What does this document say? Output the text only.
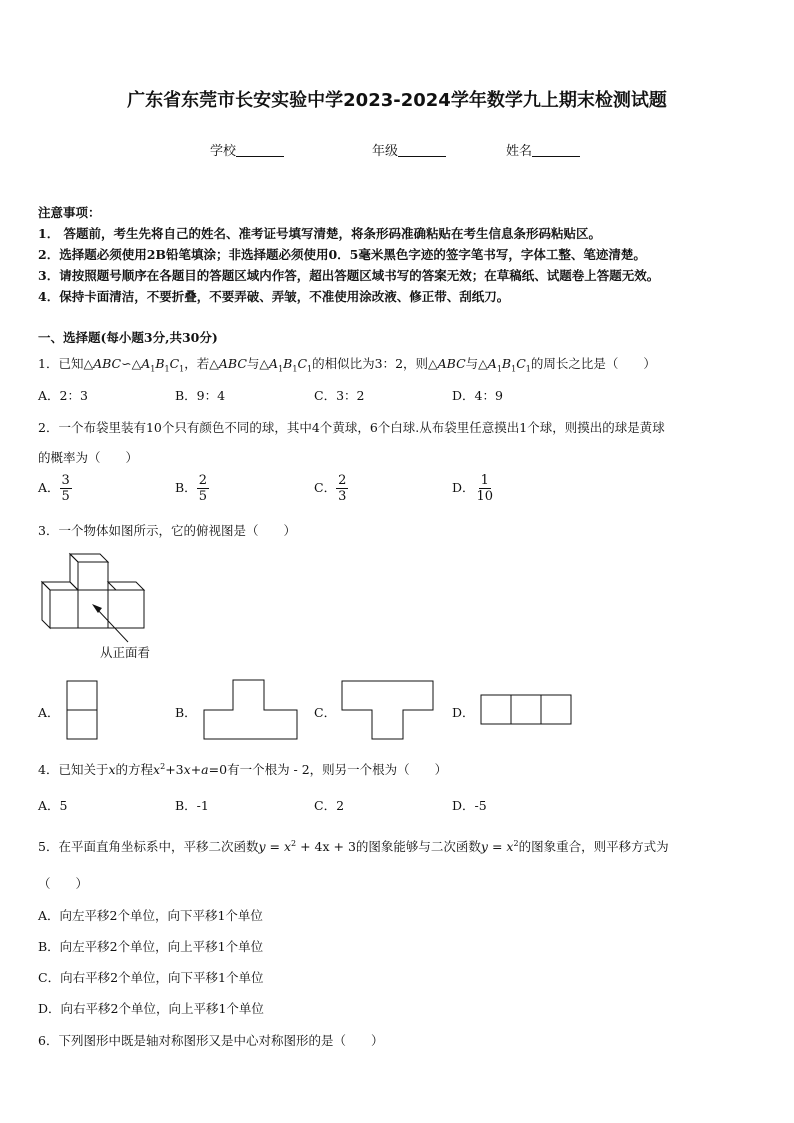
广东省东莞市长安实验中学2023-2024学年数学九上期末检测试题
学校	年级	姓名
注意事项：
1． 答题前，考生先将自己的姓名、准考证号填写清楚，将条形码准确粘贴在考生信息条形码粘贴区。
2．选择题必须使用2B铅笔填涂；非选择题必须使用0．5毫米黑色字迹的签字笔书写，字体工整、笔迹清楚。
3．请按照题号顺序在各题目的答题区域内作答，超出答题区域书写的答案无效；在草稿纸、试题卷上答题无效。
4．保持卡面清洁，不要折叠，不要弄破、弄皱，不准使用涂改液、修正带、刮纸刀。
一、选择题(每小题3分,共30分)
1．已知$\triangle ABC∽\triangle A_1B_1C_1$，若△ABC与$\triangle A_1B_1C_1$的相似比为3：2，则△ABC与$\triangle A_1B_1C_1$的周长之比是（　　）
A．2：3	B．9：4	C．3：2	D．4：9
2．一个布袋里装有10个只有颜色不同的球，其中4个黄球，6个白球.从布袋里任意摸出1个球，则摸出的球是黄球
的概率为（　　）
A． $\frac{3}{5}$	B． $\frac{2}{5}$	C． $\frac{2}{3}$	D． $\frac{1}{10}$
3．一个物体如图所示，它的俯视图是（　　）
从正面看
A．	B．	C．	D．
4．已知关于x的方程$x^2+3x+a=0$有一个根为 - 2，则另一个根为（　　）
A．5	B．-1	C．2	D．-5
5．在平面直角坐标系中，平移二次函数$y = x^2 + 4x + 3$的图象能够与二次函数$y = x^2$的图象重合，则平移方式为
（　　）
A．向左平移2个单位，向下平移1个单位
B．向左平移2个单位，向上平移1个单位
C．向右平移2个单位，向下平移1个单位
D．向右平移2个单位，向上平移1个单位
6．下列图形中既是轴对称图形又是中心对称图形的是（　　）
